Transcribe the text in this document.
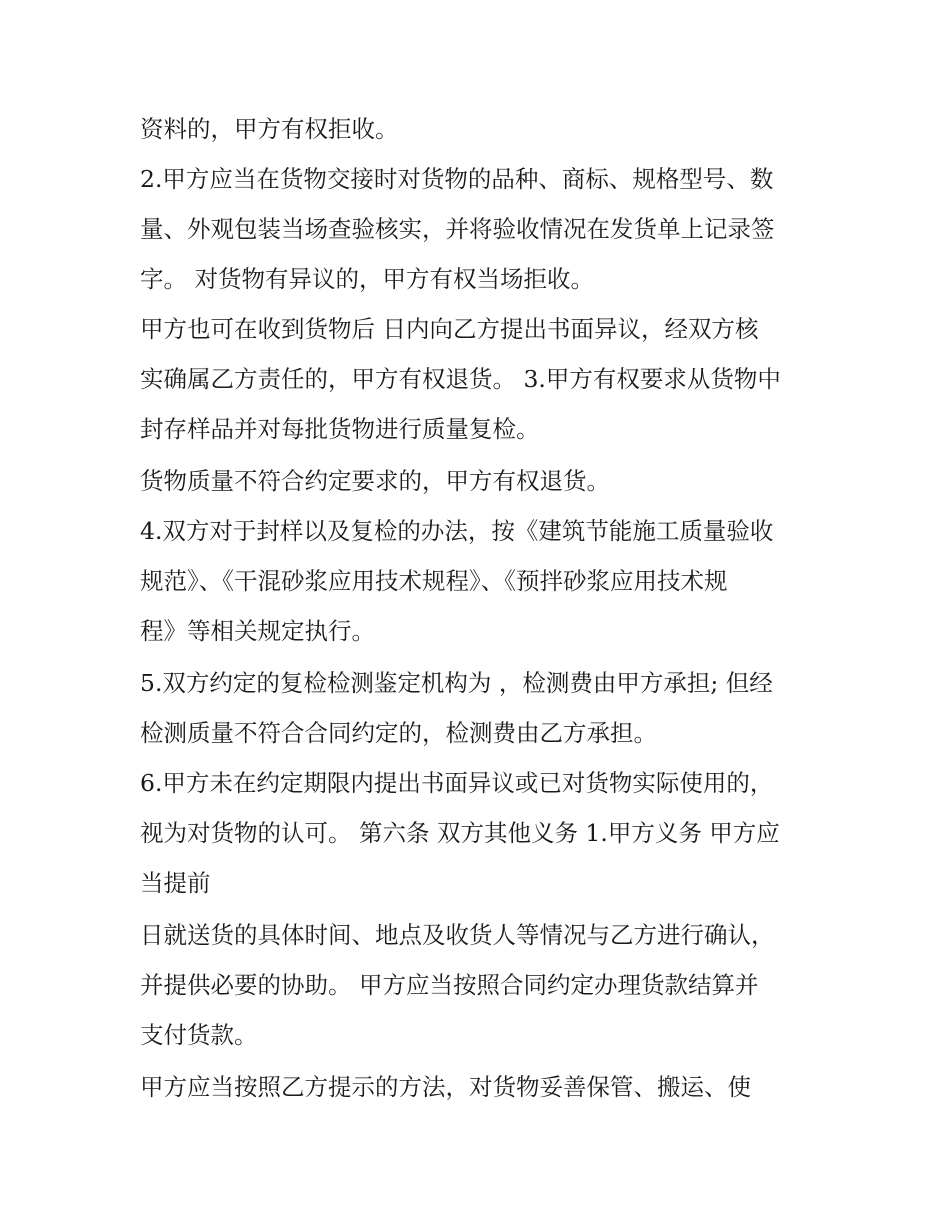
资料的，甲方有权拒收。
2.甲方应当在货物交接时对货物的品种、商标、规格型号、数
量、外观包装当场查验核实，并将验收情况在发货单上记录签
字。 对货物有异议的，甲方有权当场拒收。
甲方也可在收到货物后 日内向乙方提出书面异议，经双方核
实确属乙方责任的，甲方有权退货。 3.甲方有权要求从货物中
封存样品并对每批货物进行质量复检。
货物质量不符合约定要求的，甲方有权退货。
4.双方对于封样以及复检的办法，按《建筑节能施工质量验收
规范》、《干混砂浆应用技术规程》、《预拌砂浆应用技术规
程》等相关规定执行。
5.双方约定的复检检测鉴定机构为 ，检测费由甲方承担; 但经
检测质量不符合合同约定的，检测费由乙方承担。
6.甲方未在约定期限内提出书面异议或已对货物实际使用的，
视为对货物的认可。 第六条 双方其他义务 1.甲方义务 甲方应
当提前
日就送货的具体时间、地点及收货人等情况与乙方进行确认，
并提供必要的协助。 甲方应当按照合同约定办理货款结算并
支付货款。
甲方应当按照乙方提示的方法，对货物妥善保管、搬运、使
